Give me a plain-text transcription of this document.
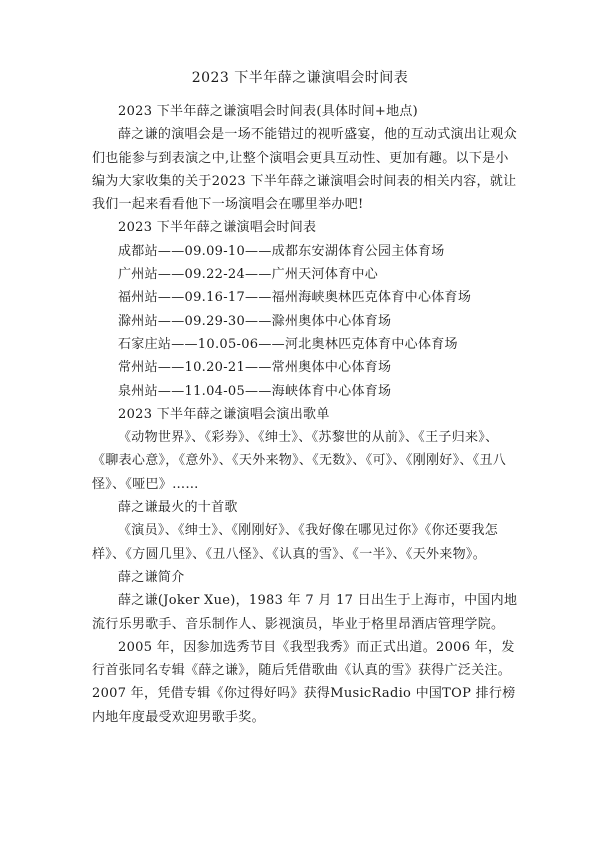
2023 下半年薛之谦演唱会时间表

2023 下半年薛之谦演唱会时间表(具体时间+地点)

薛之谦的演唱会是一场不能错过的视听盛宴，他的互动式演出让观众们也能参与到表演之中,让整个演唱会更具互动性、更加有趣。以下是小编为大家收集的关于2023 下半年薛之谦演唱会时间表的相关内容，就让我们一起来看看他下一场演唱会在哪里举办吧!

2023 下半年薛之谦演唱会时间表

成都站——09.09-10——成都东安湖体育公园主体育场
广州站——09.22-24——广州天河体育中心
福州站——09.16-17——福州海峡奥林匹克体育中心体育场
滁州站——09.29-30——滁州奥体中心体育场
石家庄站——10.05-06——河北奥林匹克体育中心体育场
常州站——10.20-21——常州奥体中心体育场
泉州站——11.04-05——海峡体育中心体育场

2023 下半年薛之谦演唱会演出歌单

《动物世界》、《彩券》、《绅士》、《苏黎世的从前》、《王子归来》、《聊表心意》，《意外》、《天外来物》、《无数》、《可》、《刚刚好》、《丑八怪》、《哑巴》……

薛之谦最火的十首歌

《演员》、《绅士》、《刚刚好》、《我好像在哪见过你》《你还要我怎样》、《方圆几里》、《丑八怪》、《认真的雪》、《一半》、《天外来物》。

薛之谦简介

薛之谦(Joker Xue)，1983 年 7 月 17 日出生于上海市，中国内地流行乐男歌手、音乐制作人、影视演员，毕业于格里昂酒店管理学院。

2005 年，因参加选秀节目《我型我秀》而正式出道。2006 年，发行首张同名专辑《薛之谦》，随后凭借歌曲《认真的雪》获得广泛关注。2007 年，凭借专辑《你过得好吗》获得MusicRadio 中国TOP 排行榜内地年度最受欢迎男歌手奖。
